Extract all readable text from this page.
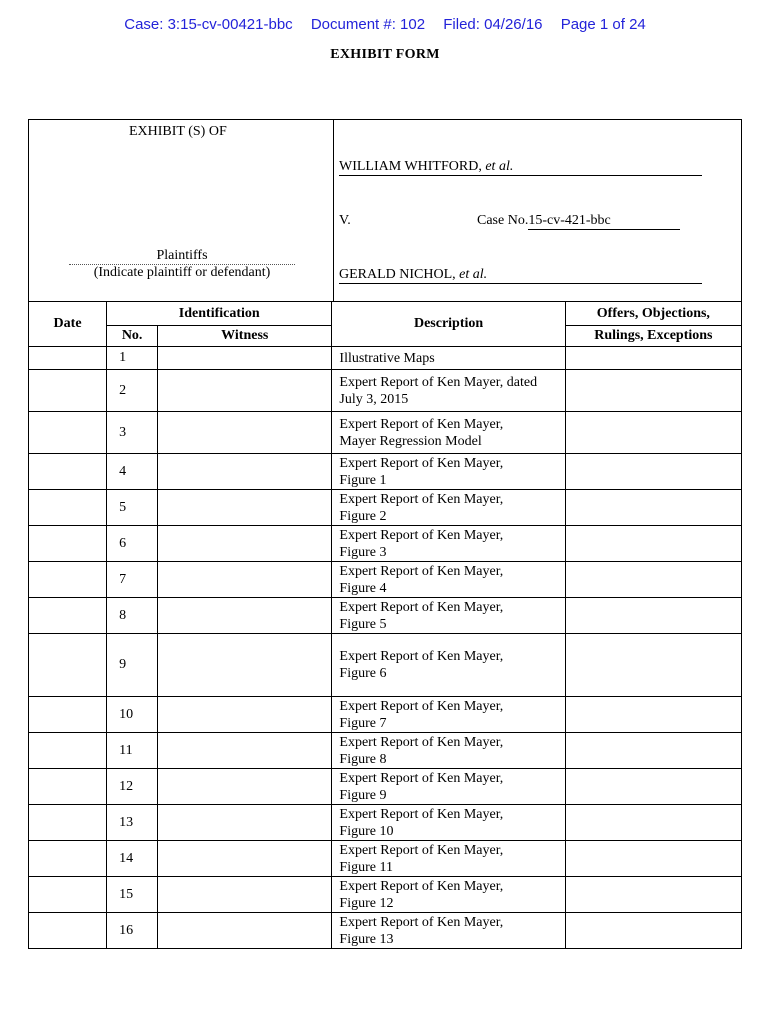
Case: 3:15-cv-00421-bbc Document #: 102 Filed: 04/26/16 Page 1 of 24
EXHIBIT FORM
EXHIBIT (S) OF
Plaintiffs
(Indicate plaintiff or defendant)
WILLIAM WHITFORD, et al.
V.	Case No.15-cv-421-bbc
GERALD NICHOL, et al.
Date	Identification		Description	Offers, Objections,
	No.	Witness		Rulings, Exceptions
	1		Illustrative Maps	

	2		Expert Report of Ken Mayer, dated
July 3, 2015	

	3		Expert Report of Ken Mayer,
Mayer Regression Model	

	4		Expert Report of Ken Mayer,
Figure 1	

	5		Expert Report of Ken Mayer,
Figure 2	

	6		Expert Report of Ken Mayer,
Figure 3	

	7		Expert Report of Ken Mayer,
Figure 4	

	8		Expert Report of Ken Mayer,
Figure 5	

	9		Expert Report of Ken Mayer,
Figure 6	

	10		Expert Report of Ken Mayer,
Figure 7	

	11		Expert Report of Ken Mayer,
Figure 8	

	12		Expert Report of Ken Mayer,
Figure 9	

	13		Expert Report of Ken Mayer,
Figure 10	

	14		Expert Report of Ken Mayer,
Figure 11	

	15		Expert Report of Ken Mayer,
Figure 12	

	16		Expert Report of Ken Mayer,
Figure 13	
